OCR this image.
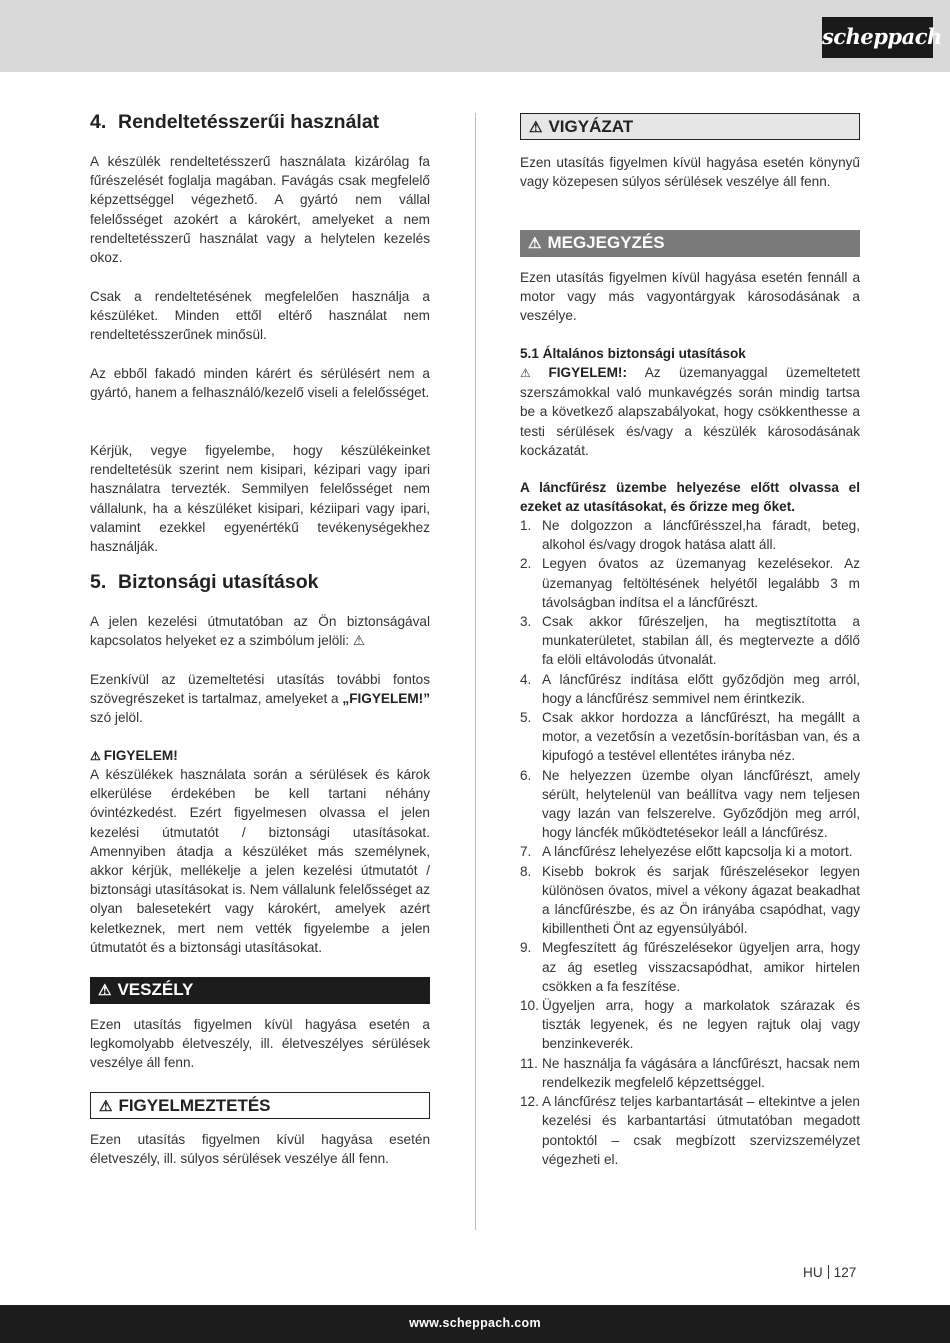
scheppach
4. Rendeltetésszerűi használat

A készülék rendeltetésszerű használata kizárólag fa fűrészelését foglalja magában. Favágás csak megfelelő képzettséggel végezhető. A gyártó nem vállal felelősséget azokért a károkért, amelyeket a nem rendeltetésszerű használat vagy a helytelen kezelés okoz.

Csak a rendeltetésének megfelelően használja a készüléket. Minden ettől eltérő használat nem rendeltetésszerűnek minősül.

Az ebből fakadó minden kárért és sérülésért nem a gyártó, hanem a felhasználó/kezelő viseli a felelősséget.

Kérjük, vegye figyelembe, hogy készülékeinket rendeltetésük szerint nem kisipari, kézipari vagy ipari használatra tervezték. Semmilyen felelősséget nem vállalunk, ha a készüléket kisipari, kéziipari vagy ipari, valamint ezekkel egyenértékű tevékenységekhez használják.

5. Biztonsági utasítások

A jelen kezelési útmutatóban az Ön biztonságával kapcsolatos helyeket ez a szimbólum jelöli: ⚠

Ezenkívül az üzemeltetési utasítás további fontos szövegrészeket is tartalmaz, amelyeket a „FIGYELEM!” szó jelöl.

⚠ FIGYELEM!

A készülékek használata során a sérülések és károk elkerülése érdekében be kell tartani néhány óvintézkedést. Ezért figyelmesen olvassa el jelen kezelési útmutatót / biztonsági utasításokat. Amennyiben átadja a készüléket más személynek, akkor kérjük, mellékelje a jelen kezelési útmutatót / biztonsági utasításokat is. Nem vállalunk felelősséget az olyan balesetekért vagy károkért, amelyek azért keletkeznek, mert nem vették figyelembe a jelen útmutatót és a biztonsági utasításokat.

⚠ VESZÉLY

Ezen utasítás figyelmen kívül hagyása esetén a legkomolyabb életveszély, ill. életveszélyes sérülések veszélye áll fenn.

⚠ FIGYELMEZTETÉS

Ezen utasítás figyelmen kívül hagyása esetén életveszély, ill. súlyos sérülések veszélye áll fenn.

⚠ VIGYÁZAT

Ezen utasítás figyelmen kívül hagyása esetén könynyű vagy közepesen súlyos sérülések veszélye áll fenn.

⚠ MEGJEGYZÉS

Ezen utasítás figyelmen kívül hagyása esetén fennáll a motor vagy más vagyontárgyak károsodásának a veszélye.

5.1 Általános biztonsági utasítások

⚠ FIGYELEM!: Az üzemanyaggal üzemeltetett szerszámokkal való munkavégzés során mindig tartsa be a következő alapszabályokat, hogy csökkenthesse a testi sérülések és/vagy a készülék károsodásának kockázatát.

A láncfűrész üzembe helyezése előtt olvassa el ezeket az utasításokat, és őrizze meg őket.

1. Ne dolgozzon a láncfűrésszel,ha fáradt, beteg, alkohol és/vagy drogok hatása alatt áll.
2. Legyen óvatos az üzemanyag kezelésekor. Az üzemanyag feltöltésének helyétől legalább 3 m távolságban indítsa el a láncfűrészt.
3. Csak akkor fűrészeljen, ha megtisztította a munkaterületet, stabilan áll, és megtervezte a dőlő fa elöli eltávolodás útvonalát.
4. A láncfűrész indítása előtt győződjön meg arról, hogy a láncfűrész semmivel nem érintkezik.
5. Csak akkor hordozza a láncfűrészt, ha megállt a motor, a vezetősín a vezetősín-borításban van, és a kipufogó a testével ellentétes irányba néz.
6. Ne helyezzen üzembe olyan láncfűrészt, amely sérült, helytelenül van beállítva vagy nem teljesen vagy lazán van felszerelve. Győződjön meg arról, hogy láncfék működtetésekor leáll a láncfűrész.
7. A láncfűrész lehelyezése előtt kapcsolja ki a motort.
8. Kisebb bokrok és sarjak fűrészelésekor legyen különösen óvatos, mivel a vékony ágazat beakadhat a láncfűrészbe, és az Ön irányába csapódhat, vagy kibillentheti Önt az egyensúlyából.
9. Megfeszített ág fűrészelésekor ügyeljen arra, hogy az ág esetleg visszacsapódhat, amikor hirtelen csökken a fa feszítése.
10. Ügyeljen arra, hogy a markolatok szárazak és tiszták legyenek, és ne legyen rajtuk olaj vagy benzinkeverék.
11. Ne használja fa vágására a láncfűrészt, hacsak nem rendelkezik megfelelő képzettséggel.
12. A láncfűrész teljes karbantartását – eltekintve a jelen kezelési és karbantartási útmutatóban megadott pontoktól – csak megbízott szervizszemélyzet végezheti el.
HU 127
www.scheppach.com
